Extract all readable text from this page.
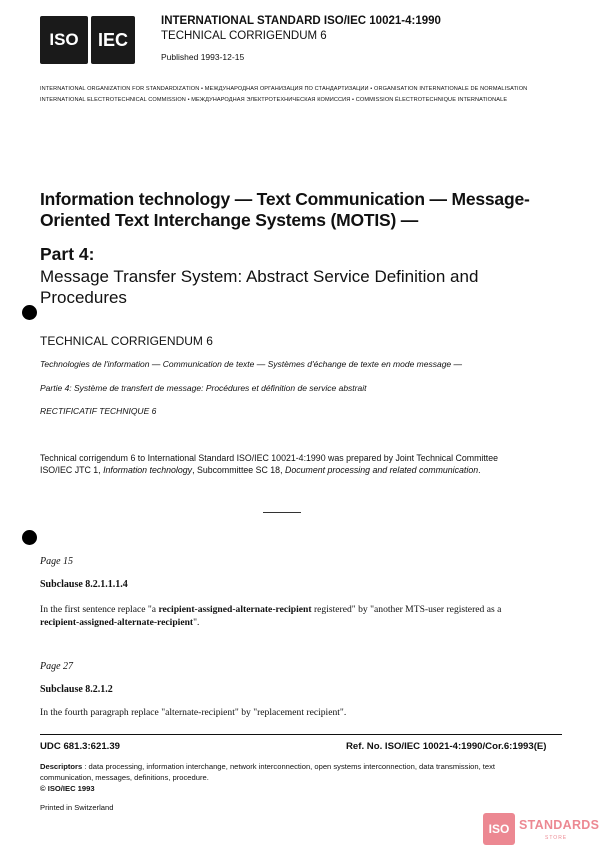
ISO IEC
INTERNATIONAL STANDARD ISO/IEC 10021-4:1990
TECHNICAL CORRIGENDUM 6
Published 1993-12-15
INTERNATIONAL ORGANIZATION FOR STANDARDIZATION • МЕЖДУНАРОДНАЯ ОРГАНИЗАЦИЯ ПО СТАНДАРТИЗАЦИИ • ORGANISATION INTERNATIONALE DE NORMALISATION
INTERNATIONAL ELECTROTECHNICAL COMMISSION • МЕЖДУНАРОДНАЯ ЭЛЕКТРОТЕХНИЧЕСКАЯ КОМИССИЯ • COMMISSION ÉLECTROTECHNIQUE INTERNATIONALE
Information technology — Text Communication — Message-
Oriented Text Interchange Systems (MOTIS) —
Part 4:
Message Transfer System: Abstract Service Definition and
Procedures
TECHNICAL CORRIGENDUM 6
Technologies de l'information — Communication de texte — Systèmes d'échange de texte en mode message —
Partie 4: Système de transfert de message: Procédures et définition de service abstrait
RECTIFICATIF TECHNIQUE 6
Technical corrigendum 6 to International Standard ISO/IEC 10021-4:1990 was prepared by Joint Technical Committee
ISO/IEC JTC 1, Information technology, Subcommittee SC 18, Document processing and related communication.
Page 15
Subclause 8.2.1.1.1.4
In the first sentence replace "a recipient-assigned-alternate-recipient registered" by "another MTS-user registered as a
recipient-assigned-alternate-recipient".
Page 27
Subclause 8.2.1.2
In the fourth paragraph replace "alternate-recipient" by "replacement recipient".
UDC 681.3:621.39	Ref. No. ISO/IEC 10021-4:1990/Cor.6:1993(E)
Descriptors : data processing, information interchange, network interconnection, open systems interconnection, data transmission, text
communication, messages, definitions, procedure.
© ISO/IEC 1993
Printed in Switzerland
ISO STANDARDS
STORE
